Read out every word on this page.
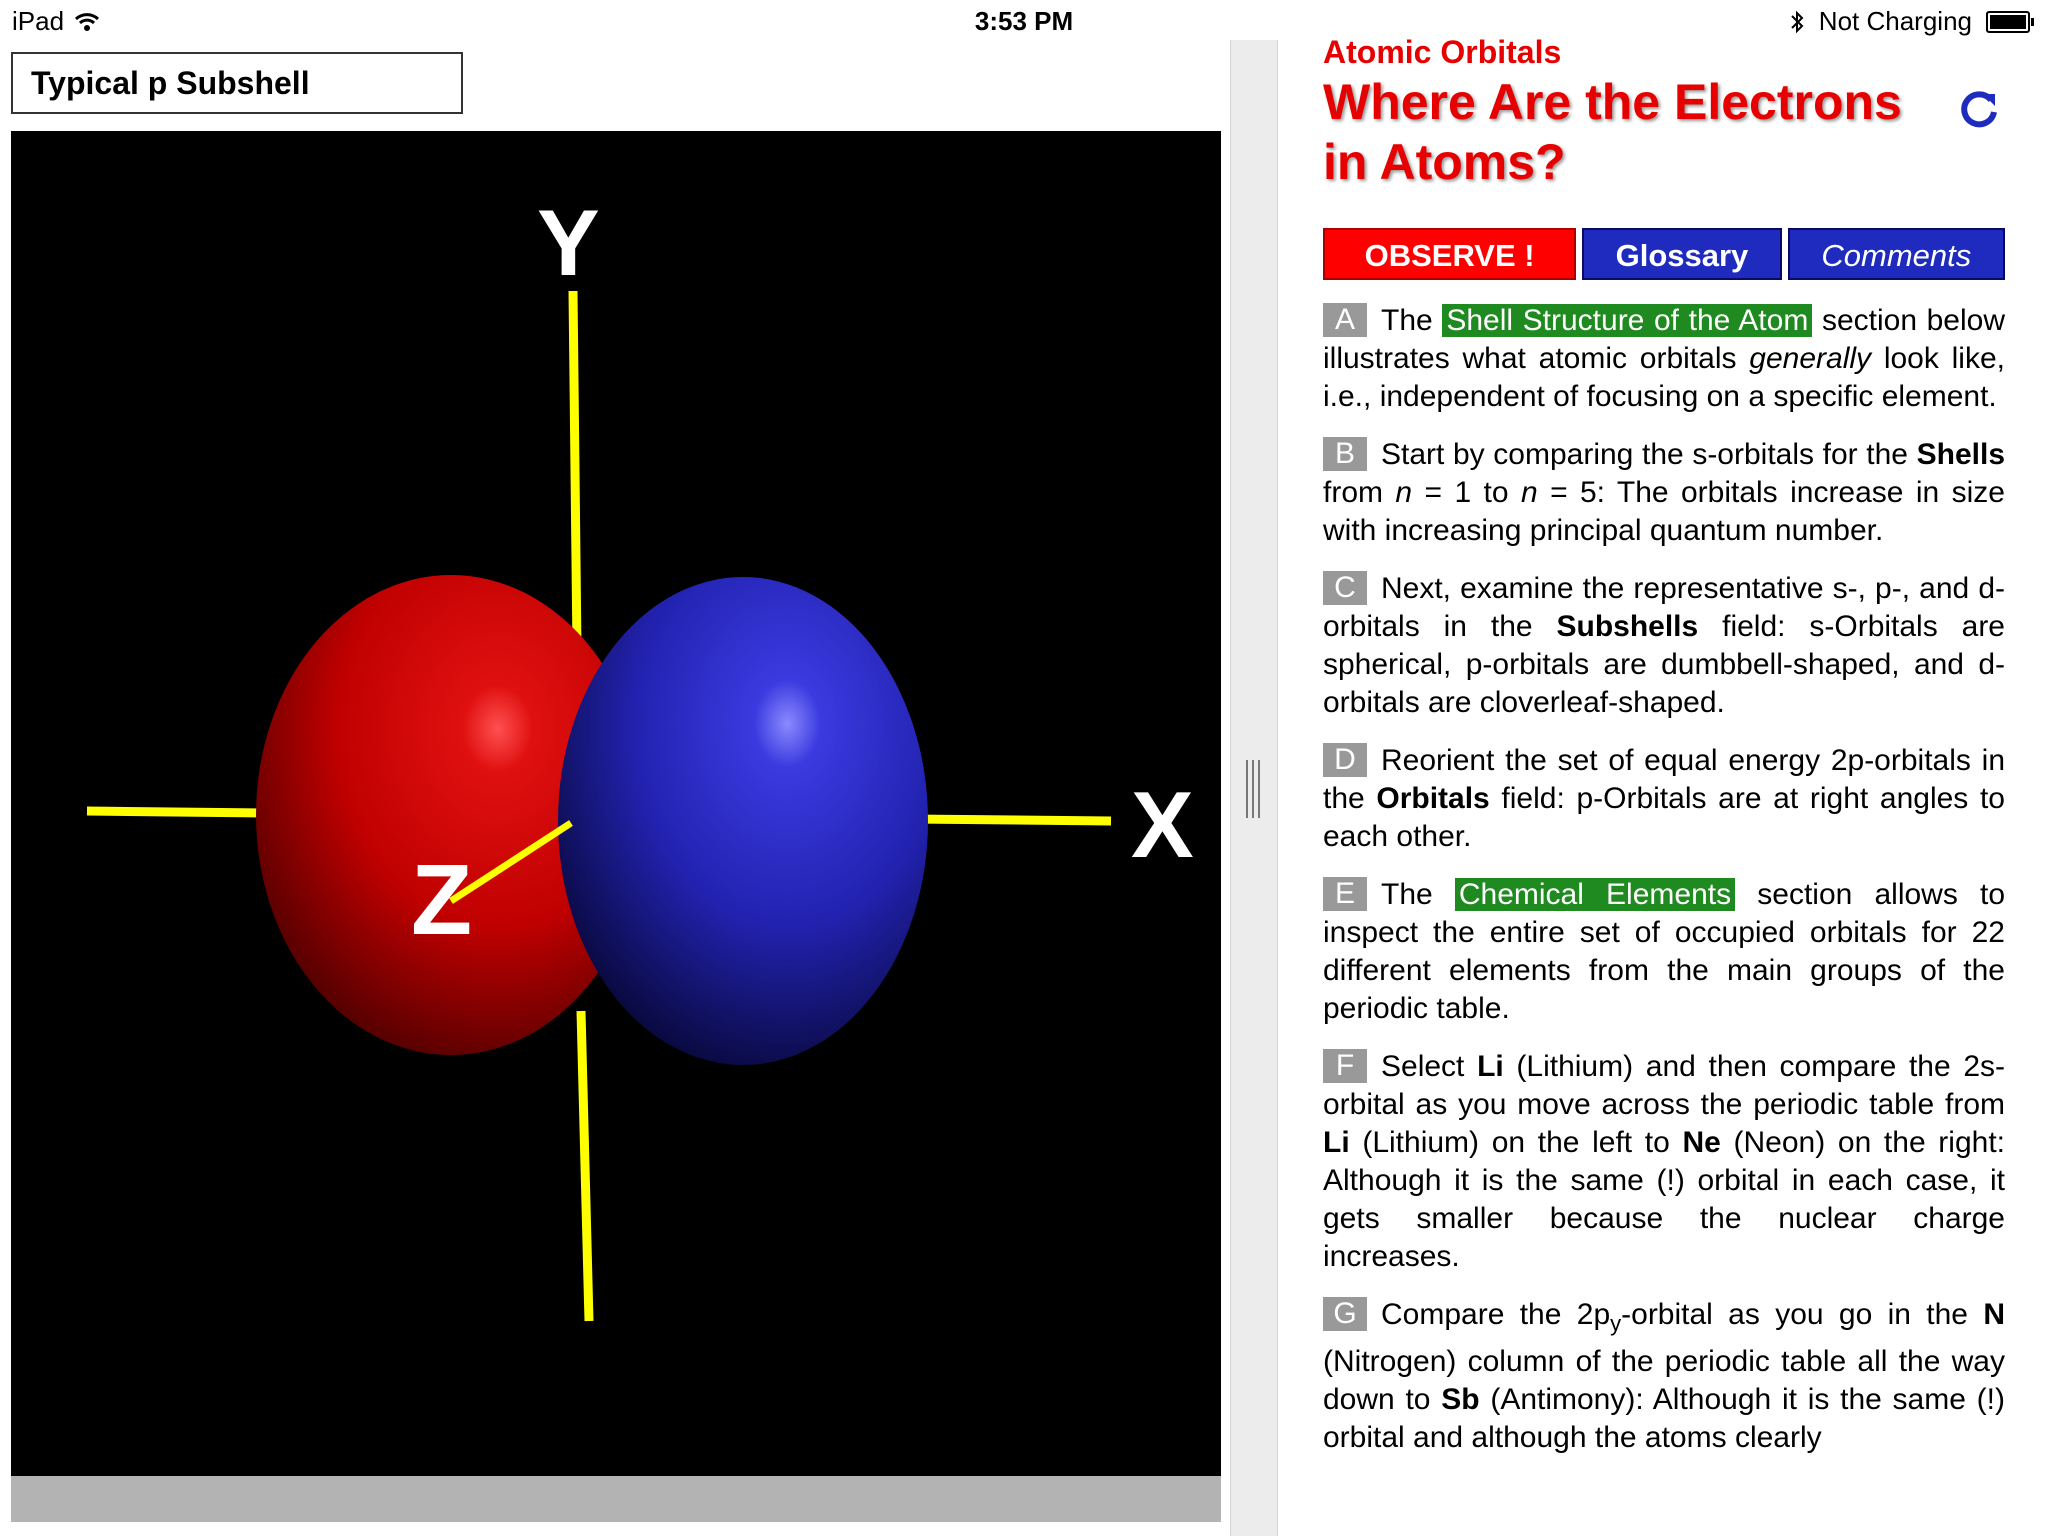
iPad	3:53 PM	Not Charging
Typical p Subshell
Y
X
Z

Atomic Orbitals

Where Are the Electrons in Atoms?

OBSERVE !	Glossary	Comments

A The Shell Structure of the Atom section below illustrates what atomic orbitals generally look like, i.e., independent of focusing on a specific element.

B Start by comparing the s-orbitals for the Shells from n = 1 to n = 5: The orbitals increase in size with increasing principal quantum number.

C Next, examine the representative s-, p-, and d-orbitals in the Subshells field: s-Orbitals are spherical, p-orbitals are dumbbell-shaped, and d-orbitals are cloverleaf-shaped.

D Reorient the set of equal energy 2p-orbitals in the Orbitals field: p-Orbitals are at right angles to each other.

E The Chemical Elements section allows to inspect the entire set of occupied orbitals for 22 different elements from the main groups of the periodic table.

F Select Li (Lithium) and then compare the 2s-orbital as you move across the periodic table from Li (Lithium) on the left to Ne (Neon) on the right: Although it is the same (!) orbital in each case, it gets smaller because the nuclear charge increases.

G Compare the $2p_y$-orbital as you go in the N (Nitrogen) column of the periodic table all the way down to Sb (Antimony): Although it is the same (!) orbital and although the atoms clearly
